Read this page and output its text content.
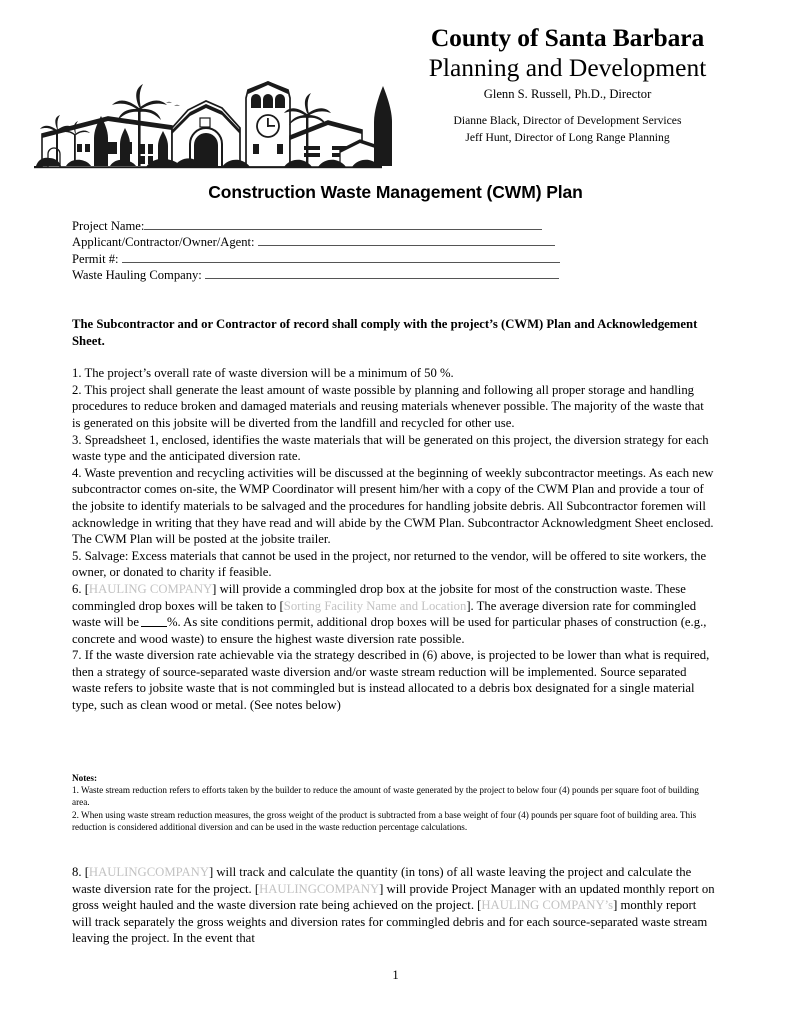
County of Santa Barbara
Planning and Development
Glenn S. Russell, Ph.D., Director
Dianne Black, Director of Development Services
Jeff Hunt, Director of Long Range Planning
Construction Waste Management (CWM) Plan
Project Name:
Applicant/Contractor/Owner/Agent:
Permit #:
Waste Hauling Company:

The Subcontractor and or Contractor of record shall comply with the project’s (CWM) Plan and Acknowledgement Sheet.

1. The project’s overall rate of waste diversion will be a minimum of 50 %.

2. This project shall generate the least amount of waste possible by planning and following all proper storage and handling procedures to reduce broken and damaged materials and reusing materials whenever possible. The majority of the waste that is generated on this jobsite will be diverted from the landfill and recycled for other use.

3. Spreadsheet 1, enclosed, identifies the waste materials that will be generated on this project, the diversion strategy for each waste type and the anticipated diversion rate.

4. Waste prevention and recycling activities will be discussed at the beginning of weekly subcontractor meetings. As each new subcontractor comes on-site, the WMP Coordinator will present him/her with a copy of the CWM Plan and provide a tour of the jobsite to identify materials to be salvaged and the procedures for handling jobsite debris. All Subcontractor foremen will acknowledge in writing that they have read and will abide by the CWM Plan. Subcontractor Acknowledgment Sheet enclosed. The CWM Plan will be posted at the jobsite trailer.

5. Salvage: Excess materials that cannot be used in the project, nor returned to the vendor, will be offered to site workers, the owner, or donated to charity if feasible.

6. [HAULING COMPANY] will provide a commingled drop box at the jobsite for most of the construction waste. These commingled drop boxes will be taken to [Sorting Facility Name and Location]. The average diversion rate for commingled waste will be %. As site conditions permit, additional drop boxes will be used for particular phases of construction (e.g., concrete and wood waste) to ensure the highest waste diversion rate possible.

7. If the waste diversion rate achievable via the strategy described in (6) above, is projected to be lower than what is required, then a strategy of source-separated waste diversion and/or waste stream reduction will be implemented. Source separated waste refers to jobsite waste that is not commingled but is instead allocated to a debris box designated for a single material type, such as clean wood or metal. (See notes below)

Notes:

1. Waste stream reduction refers to efforts taken by the builder to reduce the amount of waste generated by the project to below four (4) pounds per square foot of building area.

2. When using waste stream reduction measures, the gross weight of the product is subtracted from a base weight of four (4) pounds per square foot of building area. This reduction is considered additional diversion and can be used in the waste reduction percentage calculations.

8. [HAULINGCOMPANY] will track and calculate the quantity (in tons) of all waste leaving the project and calculate the waste diversion rate for the project. [HAULINGCOMPANY] will provide Project Manager with an updated monthly report on gross weight hauled and the waste diversion rate being achieved on the project. [HAULING COMPANY’s] monthly report will track separately the gross weights and diversion rates for commingled debris and for each source-separated waste stream leaving the project. In the event that

1
